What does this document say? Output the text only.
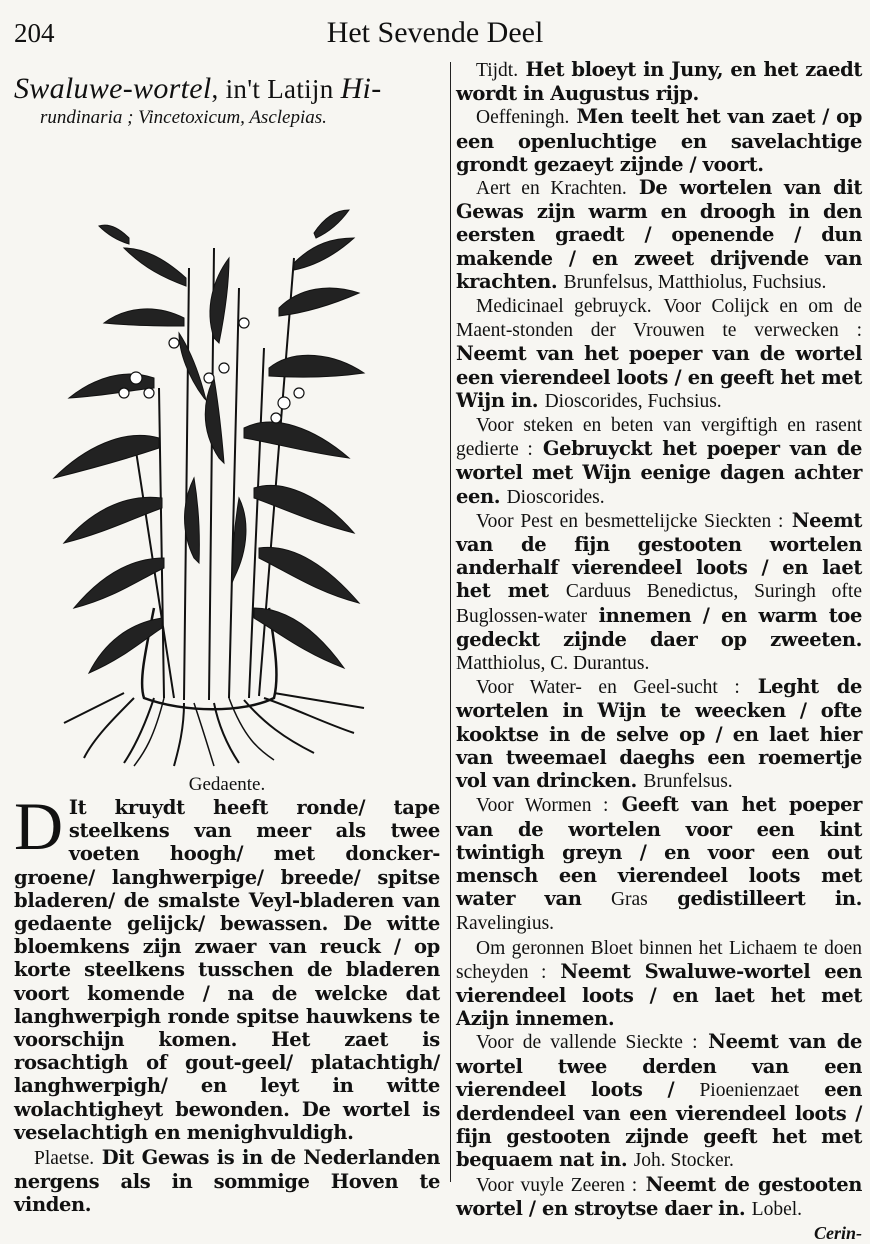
204	Het Sevende Deel
Swaluwe-wortel, in't Latijn Hi-
rundinaria ; Vincetoxicum, Asclepias.
Gedaente.
D It kruydt heeft ronde/ tape steelkens van meer als twee voeten hoogh/ met doncker-groene/ langhwerpige/ breede/ spitse bladeren/ de smalste Veyl-bladeren van gedaente gelijck/ bewassen. De witte bloemkens zijn zwaer van reuck / op korte steelkens tusschen de bladeren voort komende / na de welcke dat langhwerpigh ronde spitse hauwkens te voorschijn komen. Het zaet is rosachtigh of gout-geel/ platachtigh/ langhwerpigh/ en leyt in witte wolachtigheyt bewonden. De wortel is veselachtigh en menighvuldigh.

Plaetse. Dit Gewas is in de Nederlanden nergens als in sommige Hoven te vinden.

Tijdt. Het bloeyt in Juny, en het zaedt wordt in Augustus rijp.

Oeffeningh. Men teelt het van zaet / op een openluchtige en savelachtige grondt gezaeyt zijnde / voort.

Aert en Krachten. De wortelen van dit Gewas zijn warm en droogh in den eersten graedt / openende / dun makende / en zweet drijvende van krachten. Brunfelsus, Matthiolus, Fuchsius.

Medicinael gebruyck. Voor Colijck en om de Maent-stonden der Vrouwen te verwecken : Neemt van het poeper van de wortel een vierendeel loots / en geeft het met Wijn in. Dioscorides, Fuchsius.

Voor steken en beten van vergiftigh en rasent gedierte : Gebruyckt het poeper van de wortel met Wijn eenige dagen achter een. Dioscorides.

Voor Pest en besmettelijcke Sieckten : Neemt van de fijn gestooten wortelen anderhalf vierendeel loots / en laet het met Carduus Benedictus, Suringh ofte Buglossen-water innemen / en warm toe gedeckt zijnde daer op zweeten. Matthiolus, C. Durantus.

Voor Water- en Geel-sucht : Leght de wortelen in Wijn te weecken / ofte kooktse in de selve op / en laet hier van tweemael daeghs een roemertje vol van drincken. Brunfelsus.

Voor Wormen : Geeft van het poeper van de wortelen voor een kint twintigh greyn / en voor een out mensch een vierendeel loots met water van Gras gedistilleert in. Ravelingius.

Om geronnen Bloet binnen het Lichaem te doen scheyden : Neemt Swaluwe-wortel een vierendeel loots / en laet het met Azijn innemen.

Voor de vallende Sieckte : Neemt van de wortel twee derden van een vierendeel loots / Pioenienzaet een derdendeel van een vierendeel loots / fijn gestooten zijnde geeft het met bequaem nat in. Joh. Stocker.

Voor vuyle Zeeren : Neemt de gestooten wortel / en stroytse daer in. Lobel.

Cerin-
